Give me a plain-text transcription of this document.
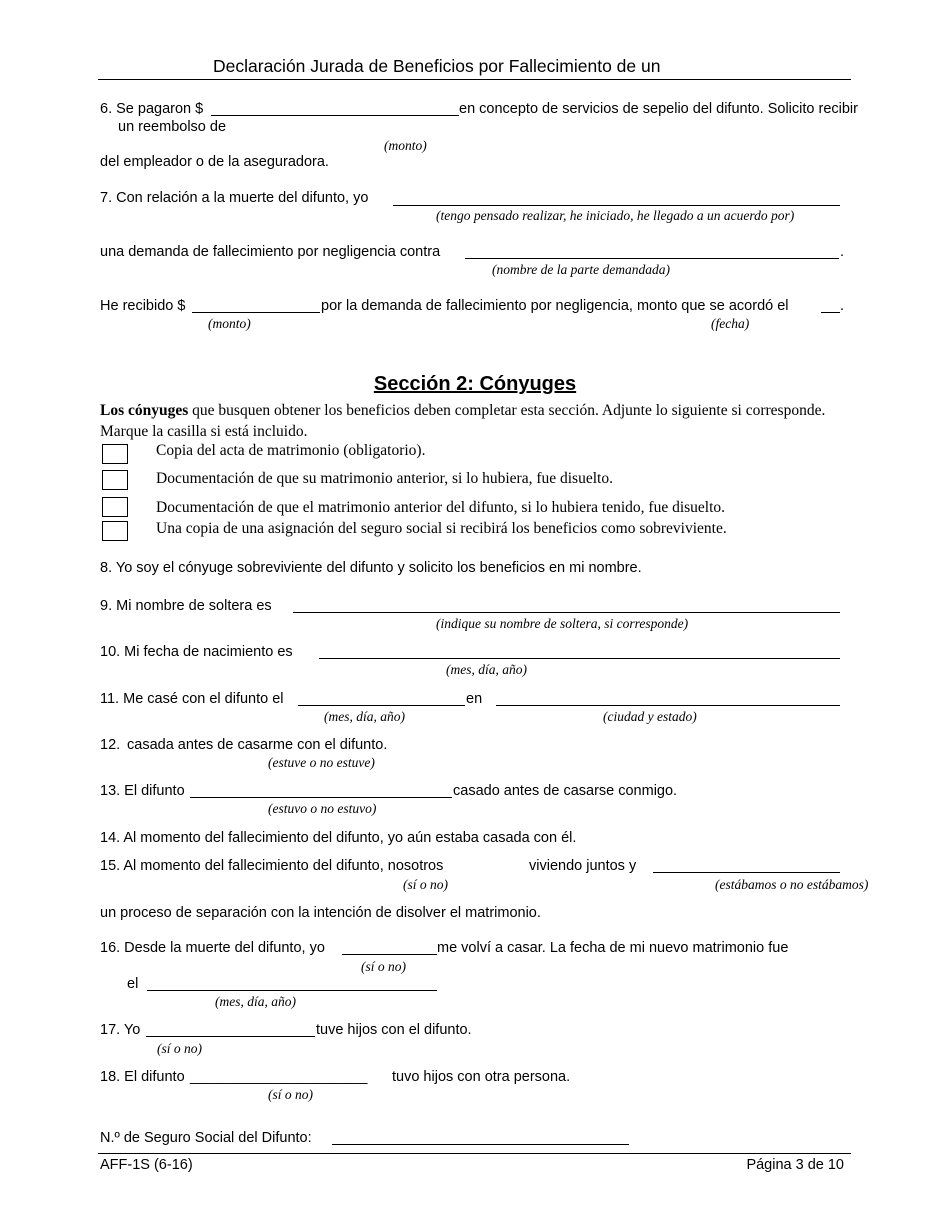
Declaración Jurada de Beneficios por Fallecimiento de un
6. Se pagaron $	en concepto de servicios de sepelio del difunto. Solicito recibir
un reembolso de
(monto)
del empleador o de la aseguradora.
7. Con relación a la muerte del difunto, yo
(tengo pensado realizar, he iniciado, he llegado a un acuerdo por)
una demanda de fallecimiento por negligencia contra	.
(nombre de la parte demandada)
He recibido $	por la demanda de fallecimiento por negligencia, monto que se acordó el	.
(monto)	(fecha)
Sección 2: Cónyuges
Los cónyuges que busquen obtener los beneficios deben completar esta sección. Adjunte lo siguiente si corresponde.
Marque la casilla si está incluido.
Copia del acta de matrimonio (obligatorio).
Documentación de que su matrimonio anterior, si lo hubiera, fue disuelto.
Documentación de que el matrimonio anterior del difunto, si lo hubiera tenido, fue disuelto.
Una copia de una asignación del seguro social si recibirá los beneficios como sobreviviente.
8. Yo soy el cónyuge sobreviviente del difunto y solicito los beneficios en mi nombre.
9. Mi nombre de soltera es
(indique su nombre de soltera, si corresponde)
10. Mi fecha de nacimiento es
(mes, día, año)
11. Me casé con el difunto el	en
(mes, día, año)	(ciudad y estado)
12. casada antes de casarme con el difunto.
(estuve o no estuve)
13. El difunto	casado antes de casarse conmigo.
(estuvo o no estuvo)
14. Al momento del fallecimiento del difunto, yo aún estaba casada con él.
15. Al momento del fallecimiento del difunto, nosotros	viviendo juntos y
(sí o no)	(estábamos o no estábamos)
un proceso de separación con la intención de disolver el matrimonio.
16. Desde la muerte del difunto, yo	me volví a casar. La fecha de mi nuevo matrimonio fue
(sí o no)
el
(mes, día, año)
17. Yo	tuve hijos con el difunto.
(sí o no)
18. El difunto ______________________ tuvo hijos con otra persona.
(sí o no)
N.º de Seguro Social del Difunto:
AFF-1S (6-16)	Página 3 de 10
